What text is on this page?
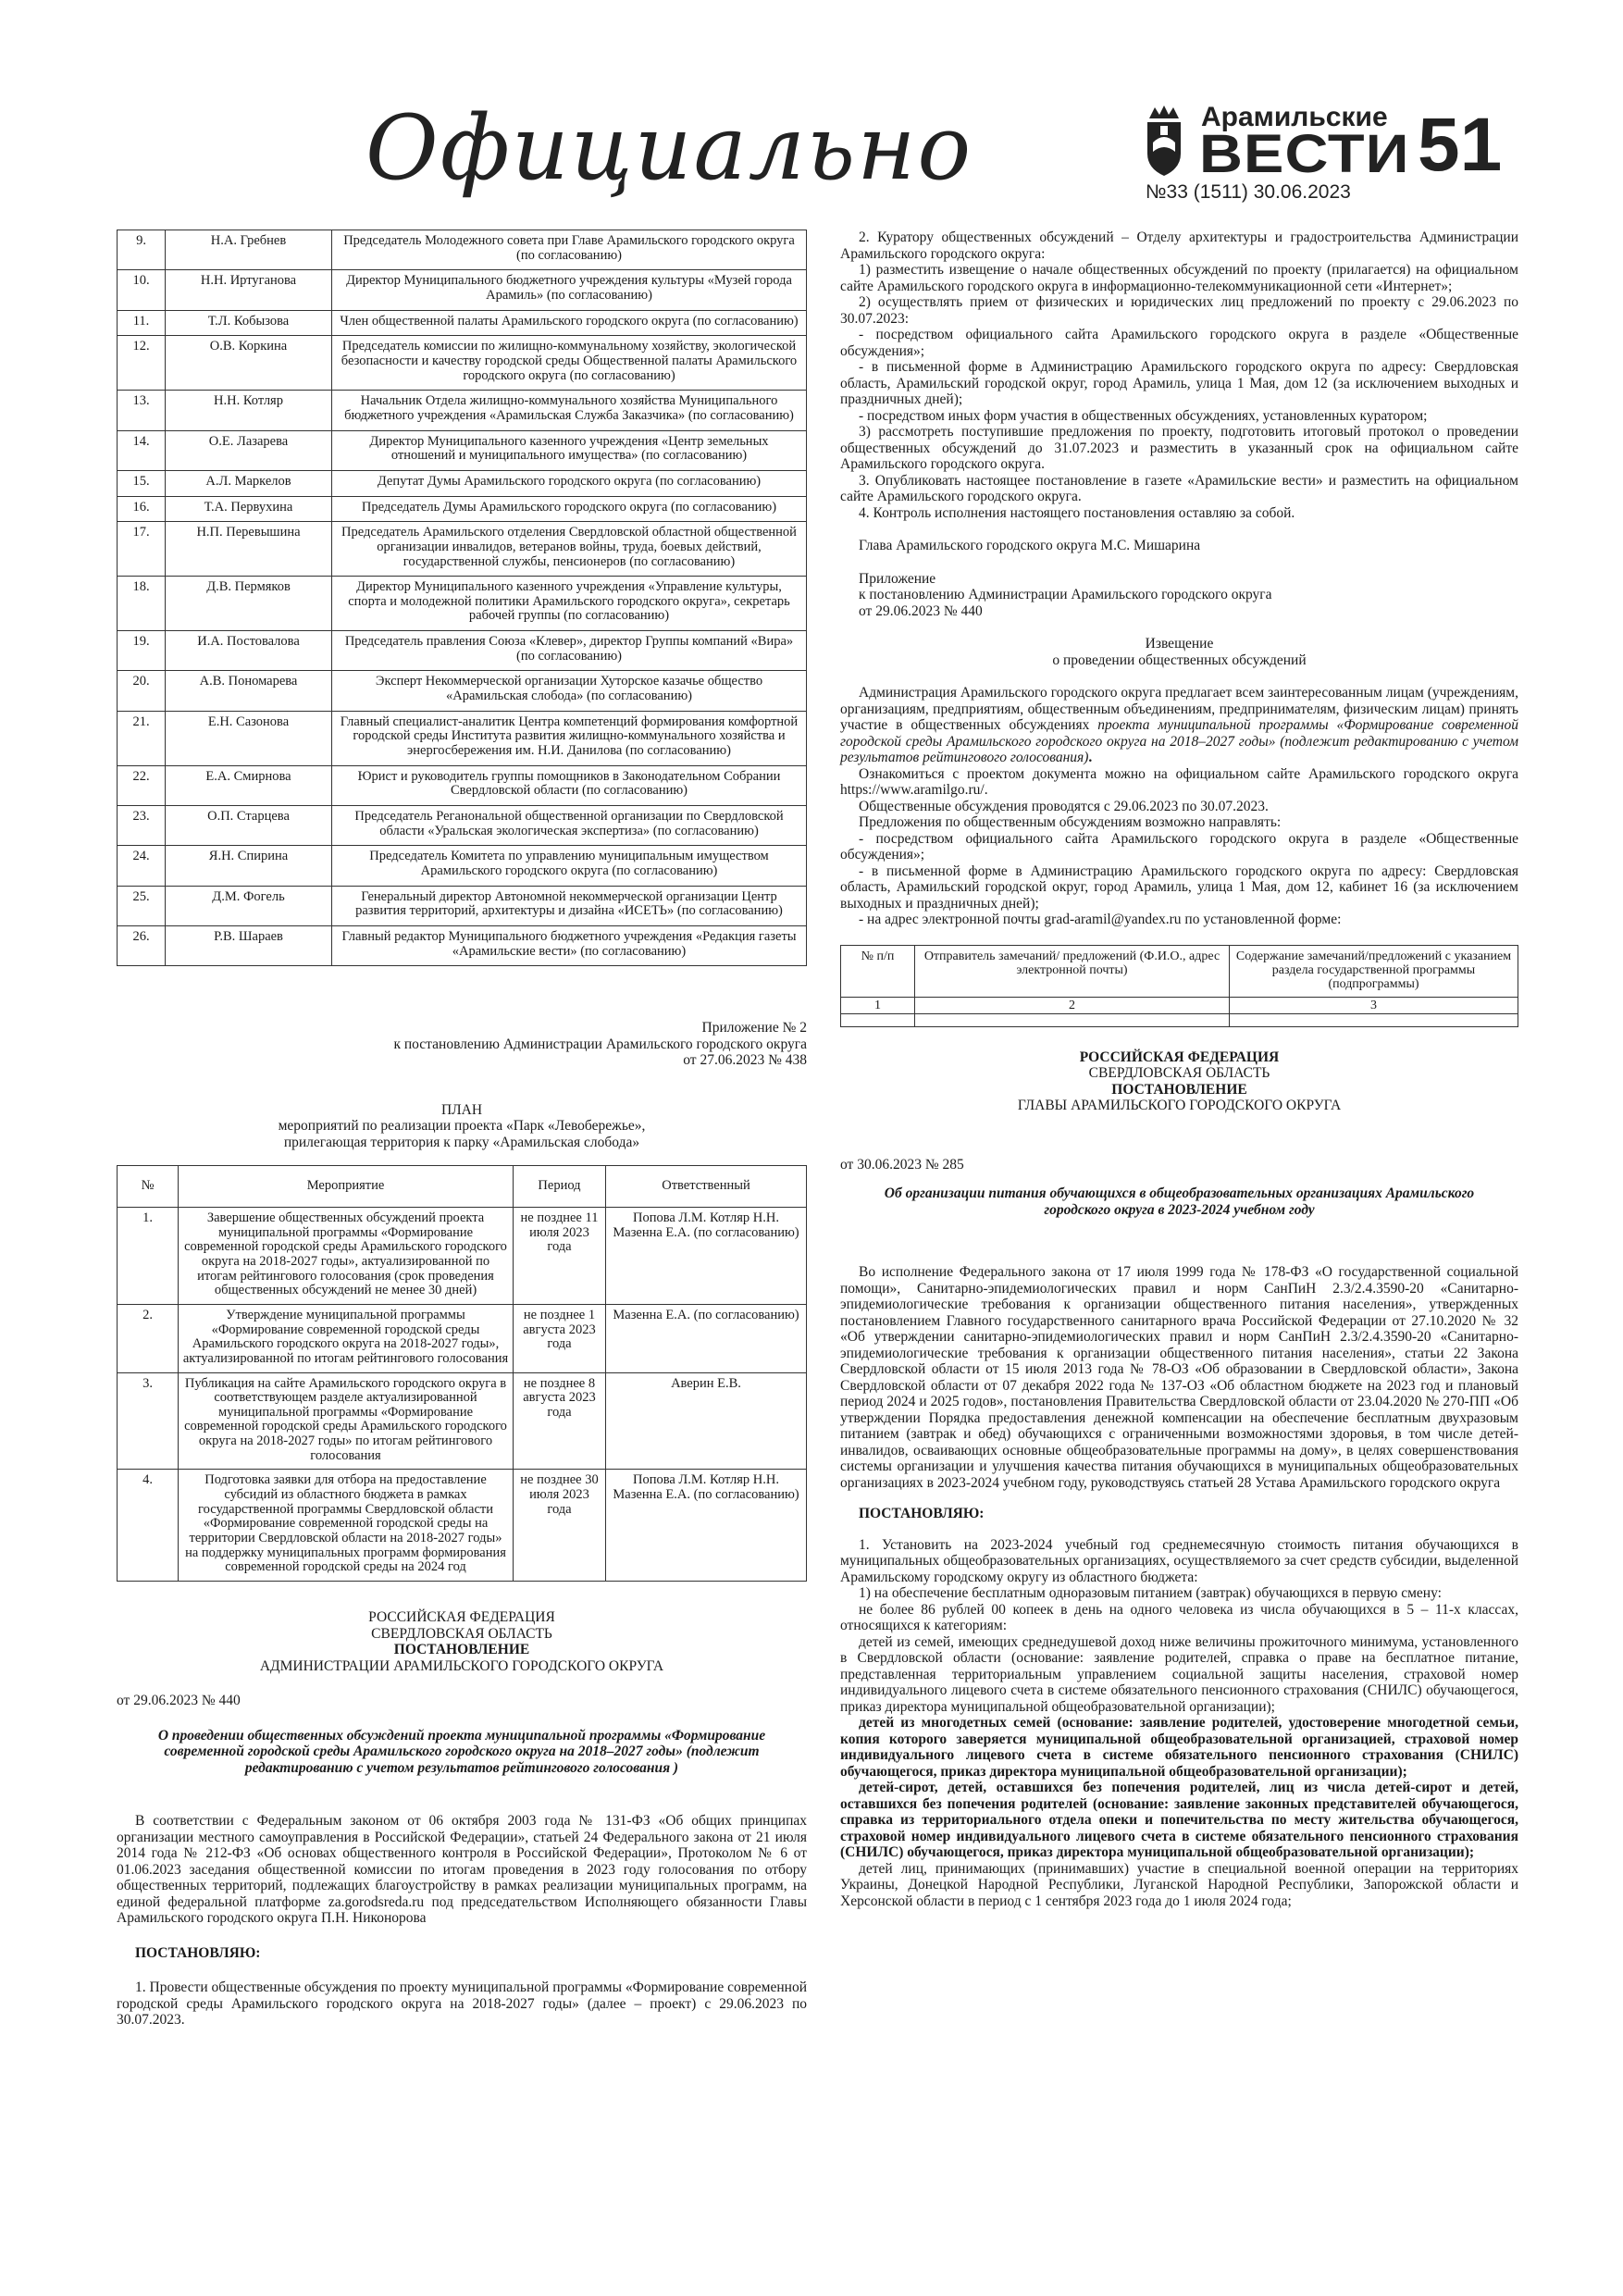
Официально	Арамильские
ВЕСТИ
№33 (1511) 30.06.2023
51
9.	Н.А. Гребнев	Председатель Молодежного совета при Главе Арамильского городского округа (по согласованию)
10.	Н.Н. Иртуганова	Директор Муниципального бюджетного учреждения культуры «Музей города Арамиль» (по согласованию)
11.	Т.Л. Кобызова	Член общественной палаты Арамильского городского округа (по согласованию)
12.	О.В. Коркина	Председатель комиссии по жилищно-коммунальному хозяйству, экологической безопасности и качеству городской среды Общественной палаты Арамильского городского округа (по согласованию)
13.	Н.Н. Котляр	Начальник Отдела жилищно-коммунального хозяйства Муниципального бюджетного учреждения «Арамильская Служба Заказчика» (по согласованию)
14.	О.Е. Лазарева	Директор Муниципального казенного учреждения «Центр земельных отношений и муниципального имущества» (по согласованию)
15.	А.Л. Маркелов	Депутат Думы Арамильского городского округа (по согласованию)
16.	Т.А. Первухина	Председатель Думы Арамильского городского округа (по согласованию)
17.	Н.П. Перевышина	Председатель Арамильского отделения Свердловской областной общественной организации инвалидов, ветеранов войны, труда, боевых действий, государственной службы, пенсионеров (по согласованию)
18.	Д.В. Пермяков	Директор Муниципального казенного учреждения «Управление культуры, спорта и молодежной политики Арамильского городского округа», секретарь рабочей группы (по согласованию)
19.	И.А. Постовалова	Председатель правления Союза «Клевер», директор Группы компаний «Вира» (по согласованию)
20.	А.В. Пономарева	Эксперт Некоммерческой организации Хуторское казачье общество «Арамильская слобода» (по согласованию)
21.	Е.Н. Сазонова	Главный специалист-аналитик Центра компетенций формирования комфортной городской среды Института развития жилищно-коммунального хозяйства и энергосбережения им. Н.И. Данилова (по согласованию)
22.	Е.А. Смирнова	Юрист и руководитель группы помощников в Законодательном Собрании Свердловской области (по согласованию)
23.	О.П. Старцева	Председатель Реганональной общественной организации по Свердловской области «Уральская экологическая экспертиза» (по согласованию)
24.	Я.Н. Спирина	Председатель Комитета по управлению муниципальным имуществом Арамильского городского округа (по согласованию)
25.	Д.М. Фогель	Генеральный директор Автономной некоммерческой организации Центр развития территорий, архитектуры и дизайна «ИСЕТЬ» (по согласованию)
26.	Р.В. Шараев	Главный редактор Муниципального бюджетного учреждения «Редакция газеты «Арамильские вести» (по согласованию)
Приложение № 2
к постановлению Администрации Арамильского городского округа
от 27.06.2023 № 438
ПЛАН
мероприятий по реализации проекта «Парк «Левобережье»,
прилегающая территория к парку «Арамильская слобода»
№	Мероприятие	Период	Ответственный
1.	Завершение общественных обсуждений проекта муниципальной программы «Формирование современной городской среды Арамильского городского округа на 2018-2027 годы», актуализированной по итогам рейтингового голосования (срок проведения общественных обсуждений не менее 30 дней)	не позднее 11 июля 2023 года	Попова Л.М. Котляр Н.Н. Мазенна Е.А. (по согласованию)
2.	Утверждение муниципальной программы «Формирование современной городской среды Арамильского городского округа на 2018-2027 годы», актуализированной по итогам рейтингового голосования	не позднее 1 августа 2023 года	Мазенна Е.А. (по согласованию)
3.	Публикация на сайте Арамильского городского округа в соответствующем разделе актуализированной муниципальной программы «Формирование современной городской среды Арамильского городского округа на 2018-2027 годы» по итогам рейтингового голосования	не позднее 8 августа 2023 года	Аверин Е.В.
4.	Подготовка заявки для отбора на предоставление субсидий из областного бюджета в рамках государственной программы Свердловской области «Формирование современной городской среды на территории Свердловской области на 2018-2027 годы» на поддержку муниципальных программ формирования современной городской среды на 2024 год	не позднее 30 июля 2023 года	Попова Л.М. Котляр Н.Н. Мазенна Е.А. (по согласованию)
РОССИЙСКАЯ ФЕДЕРАЦИЯ
СВЕРДЛОВСКАЯ ОБЛАСТЬ
ПОСТАНОВЛЕНИЕ
АДМИНИСТРАЦИИ АРАМИЛЬСКОГО ГОРОДСКОГО ОКРУГА
от 29.06.2023 № 440
О проведении общественных обсуждений проекта муниципальной программы «Формирование современной городской среды Арамильского городского округа на 2018–2027 годы» (подлежит редактированию с учетом результатов рейтингового голосования )

В соответствии с Федеральным законом от 06 октября 2003 года № 131-ФЗ «Об общих принципах организации местного самоуправления в Российской Федерации», статьей 24 Федерального закона от 21 июля 2014 года № 212-ФЗ «Об основах общественного контроля в Российской Федерации», Протоколом № 6 от 01.06.2023 заседания общественной комиссии по итогам проведения в 2023 году голосования по отбору общественных территорий, подлежащих благоустройству в рамках реализации муниципальных программ, на единой федеральной платформе za.gorodsreda.ru под председательством Исполняющего обязанности Главы Арамильского городского округа П.Н. Никонорова

ПОСТАНОВЛЯЮ:

1. Провести общественные обсуждения по проекту муниципальной программы «Формирование современной городской среды Арамильского городского округа на 2018-2027 годы» (далее – проект) с 29.06.2023 по 30.07.2023.

2. Куратору общественных обсуждений – Отделу архитектуры и градостроительства Администрации Арамильского городского округа:

1) разместить извещение о начале общественных обсуждений по проекту (прилагается) на официальном сайте Арамильского городского округа в информационно-телекоммуникационной сети «Интернет»;

2) осуществлять прием от физических и юридических лиц предложений по проекту с 29.06.2023 по 30.07.2023:

- посредством официального сайта Арамильского городского округа в разделе «Общественные обсуждения»;

- в письменной форме в Администрацию Арамильского городского округа по адресу: Свердловская область, Арамильский городской округ, город Арамиль, улица 1 Мая, дом 12 (за исключением выходных и праздничных дней);

- посредством иных форм участия в общественных обсуждениях, установленных куратором;

3) рассмотреть поступившие предложения по проекту, подготовить итоговый протокол о проведении общественных обсуждений до 31.07.2023 и разместить в указанный срок на официальном сайте Арамильского городского округа.

3. Опубликовать настоящее постановление в газете «Арамильские вести» и разместить на официальном сайте Арамильского городского округа.

4. Контроль исполнения настоящего постановления оставляю за собой.

Глава Арамильского городского округа М.С. Мишарина

Приложение
к постановлению Администрации Арамильского городского округа
от 29.06.2023 № 440
Извещение
о проведении общественных обсуждений

Администрация Арамильского городского округа предлагает всем заинтересованным лицам (учреждениям, организациям, предприятиям, общественным объединениям, предпринимателям, физическим лицам) принять участие в общественных обсуждениях проекта муниципальной программы «Формирование современной городской среды Арамильского городского округа на 2018–2027 годы» (подлежит редактированию с учетом результатов рейтингового голосования).

Ознакомиться с проектом документа можно на официальном сайте Арамильского городского округа https://www.aramilgo.ru/.

Общественные обсуждения проводятся с 29.06.2023 по 30.07.2023.

Предложения по общественным обсуждениям возможно направлять:

- посредством официального сайта Арамильского городского округа в разделе «Общественные обсуждения»;

- в письменной форме в Администрацию Арамильского городского округа по адресу: Свердловская область, Арамильский городской округ, город Арамиль, улица 1 Мая, дом 12, кабинет 16 (за исключением выходных и праздничных дней);

- на адрес электронной почты grad-aramil@yandex.ru по установленной форме:

№ п/п	Отправитель замечаний/ предложений (Ф.И.О., адрес электронной почты)	Содержание замечаний/предложений с указанием раздела государственной программы (подпрограммы)
1	2	3

РОССИЙСКАЯ ФЕДЕРАЦИЯ
СВЕРДЛОВСКАЯ ОБЛАСТЬ
ПОСТАНОВЛЕНИЕ
ГЛАВЫ АРАМИЛЬСКОГО ГОРОДСКОГО ОКРУГА
от 30.06.2023 № 285
Об организации питания обучающихся в общеобразовательных организациях Арамильского городского округа в 2023-2024 учебном году

Во исполнение Федерального закона от 17 июля 1999 года № 178-ФЗ «О государственной социальной помощи», Санитарно-эпидемиологических правил и норм СанПиН 2.3/2.4.3590-20 «Санитарно-эпидемиологические требования к организации общественного питания населения», утвержденных постановлением Главного государственного санитарного врача Российской Федерации от 27.10.2020 № 32 «Об утверждении санитарно-эпидемиологических правил и норм СанПиН 2.3/2.4.3590-20 «Санитарно-эпидемиологические требования к организации общественного питания населения», статьи 22 Закона Свердловской области от 15 июля 2013 года № 78-ОЗ «Об образовании в Свердловской области», Закона Свердловской области от 07 декабря 2022 года № 137-ОЗ «Об областном бюджете на 2023 год и плановый период 2024 и 2025 годов», постановления Правительства Свердловской области от 23.04.2020 № 270-ПП «Об утверждении Порядка предоставления денежной компенсации на обеспечение бесплатным двухразовым питанием (завтрак и обед) обучающихся с ограниченными возможностями здоровья, в том числе детей-инвалидов, осваивающих основные общеобразовательные программы на дому», в целях совершенствования системы организации и улучшения качества питания обучающихся в муниципальных общеобразовательных организациях в 2023-2024 учебном году, руководствуясь статьей 28 Устава Арамильского городского округа

ПОСТАНОВЛЯЮ:

1. Установить на 2023-2024 учебный год среднемесячную стоимость питания обучающихся в муниципальных общеобразовательных организациях, осуществляемого за счет средств субсидии, выделенной Арамильскому городскому округу из областного бюджета:

1) на обеспечение бесплатным одноразовым питанием (завтрак) обучающихся в первую смену:

не более 86 рублей 00 копеек в день на одного человека из числа обучающихся в 5 – 11-х классах, относящихся к категориям:

детей из семей, имеющих среднедушевой доход ниже величины прожиточного минимума, установленного в Свердловской области (основание: заявление родителей, справка о праве на бесплатное питание, представленная территориальным управлением социальной защиты населения, страховой номер индивидуального лицевого счета в системе обязательного пенсионного страхования (СНИЛС) обучающегося, приказ директора муниципальной общеобразовательной организации);

детей из многодетных семей (основание: заявление родителей, удостоверение многодетной семьи, копия которого заверяется муниципальной общеобразовательной организацией, страховой номер индивидуального лицевого счета в системе обязательного пенсионного страхования (СНИЛС) обучающегося, приказ директора муниципальной общеобразовательной организации);

детей-сирот, детей, оставшихся без попечения родителей, лиц из числа детей-сирот и детей, оставшихся без попечения родителей (основание: заявление законных представителей обучающегося, справка из территориального отдела опеки и попечительства по месту жительства обучающегося, страховой номер индивидуального лицевого счета в системе обязательного пенсионного страхования (СНИЛС) обучающегося, приказ директора муниципальной общеобразовательной организации);

детей лиц, принимающих (принимавших) участие в специальной военной операции на территориях Украины, Донецкой Народной Республики, Луганской Народной Республики, Запорожской области и Херсонской области в период с 1 сентября 2023 года до 1 июля 2024 года;
